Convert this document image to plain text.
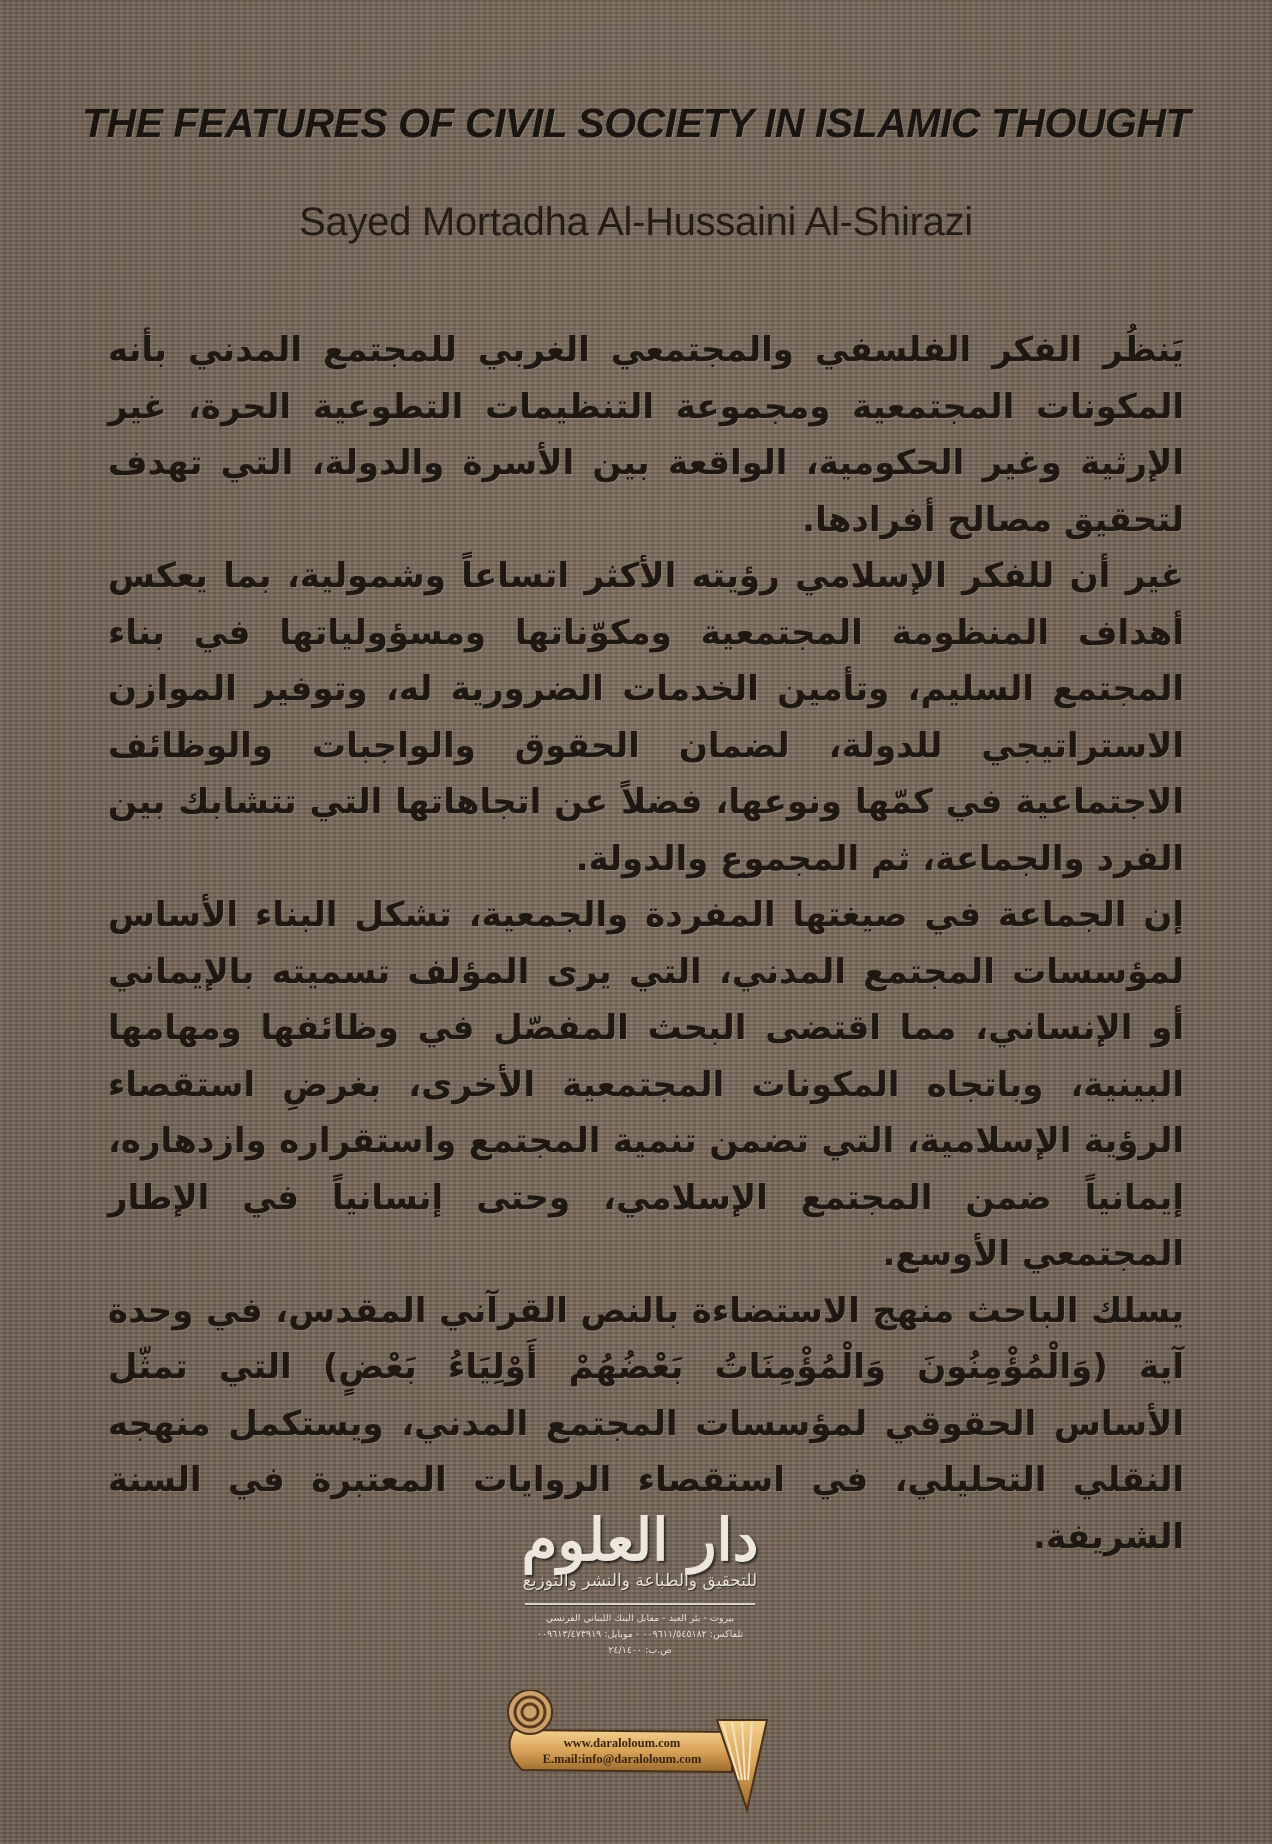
THE FEATURES OF CIVIL SOCIETY IN ISLAMIC THOUGHT
Sayed Mortadha Al-Hussaini Al-Shirazi

يَنظُر الفكر الفلسفي والمجتمعي الغربي للمجتمع المدني بأنه المكونات المجتمعية ومجموعة التنظيمات التطوعية الحرة، غير الإرثية وغير الحكومية، الواقعة بين الأسرة والدولة، التي تهدف لتحقيق مصالح أفرادها.

غير أن للفكر الإسلامي رؤيته الأكثر اتساعاً وشمولية، بما يعكس أهداف المنظومة المجتمعية ومكوّناتها ومسؤولياتها في بناء المجتمع السليم، وتأمين الخدمات الضرورية له، وتوفير الموازن الاستراتيجي للدولة، لضمان الحقوق والواجبات والوظائف الاجتماعية في كمّها ونوعها، فضلاً عن اتجاهاتها التي تتشابك بين الفرد والجماعة، ثم المجموع والدولة.

إن الجماعة في صيغتها المفردة والجمعية، تشكل البناء الأساس لمؤسسات المجتمع المدني، التي يرى المؤلف تسميته بالإيماني أو الإنساني، مما اقتضى البحث المفصّل في وظائفها ومهامها البينية، وباتجاه المكونات المجتمعية الأخرى، بغرضِ استقصاء الرؤية الإسلامية، التي تضمن تنمية المجتمع واستقراره وازدهاره، إيمانياً ضمن المجتمع الإسلامي، وحتى إنسانياً في الإطار المجتمعي الأوسع.

يسلك الباحث منهج الاستضاءة بالنص القرآني المقدس، في وحدة آية (وَالْمُؤْمِنُونَ وَالْمُؤْمِنَاتُ بَعْضُهُمْ أَوْلِيَاءُ بَعْضٍ) التي تمثّل الأساس الحقوقي لمؤسسات المجتمع المدني، ويستكمل منهجه النقلي التحليلي، في استقصاء الروايات المعتبرة في السنة الشريفة.

دار العلوم
للتحقيق والطباعة والنشر والتوزيع
بيروت - بئر العبد - مقابل البنك اللبناني الفرنسي
تلفاكس: ٠٠٩٦١١/٥٤٥١٨٢ - موبايل: ٠٠٩٦١٣/٤٧٣٩١٩
ص.ب: ٢٤/١٤٠٠
www.daraloloum.com
E.mail:info@daraloloum.com
